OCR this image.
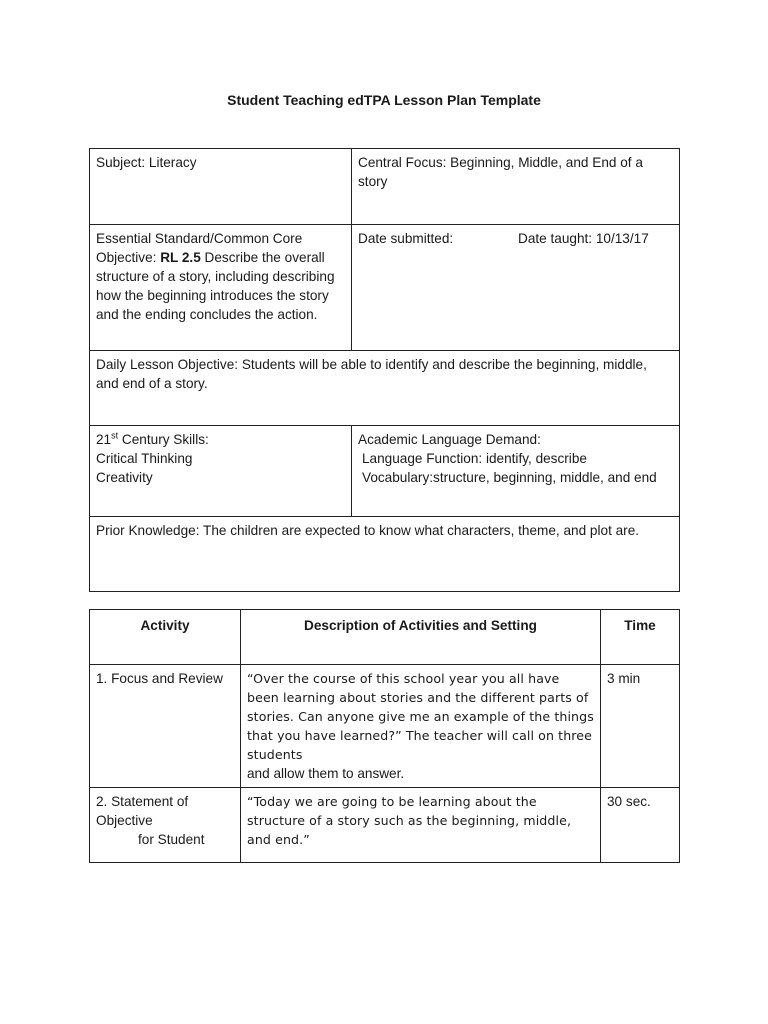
Student Teaching edTPA Lesson Plan Template
Subject: Literacy	Central Focus: Beginning, Middle, and End of a story

Essential Standard/Common Core
Objective: RL 2.5 Describe the overall structure of a story, including describing how the beginning introduces the story and the ending concludes the action.	Date submitted: Date taught: 10/13/17

Daily Lesson Objective: Students will be able to identify and describe the beginning, middle, and end of a story.	

21st Century Skills:
Critical Thinking
Creativity	Academic Language Demand:
Language Function: identify, describe
Vocabulary:structure, beginning, middle, and end

Prior Knowledge: The children are expected to know what characters, theme, and plot are.	
Activity	Description of Activities and Setting	Time

1. Focus and Review	“Over the course of this school year you all have been learning about stories and the different parts of stories. Can anyone give me an example of the things that you have learned?” The teacher will call on three students
and allow them to answer.	3 min

2. Statement of
Objective
for Student	“Today we are going to be learning about the structure of a story such as the beginning, middle, and end.”	30 sec.
